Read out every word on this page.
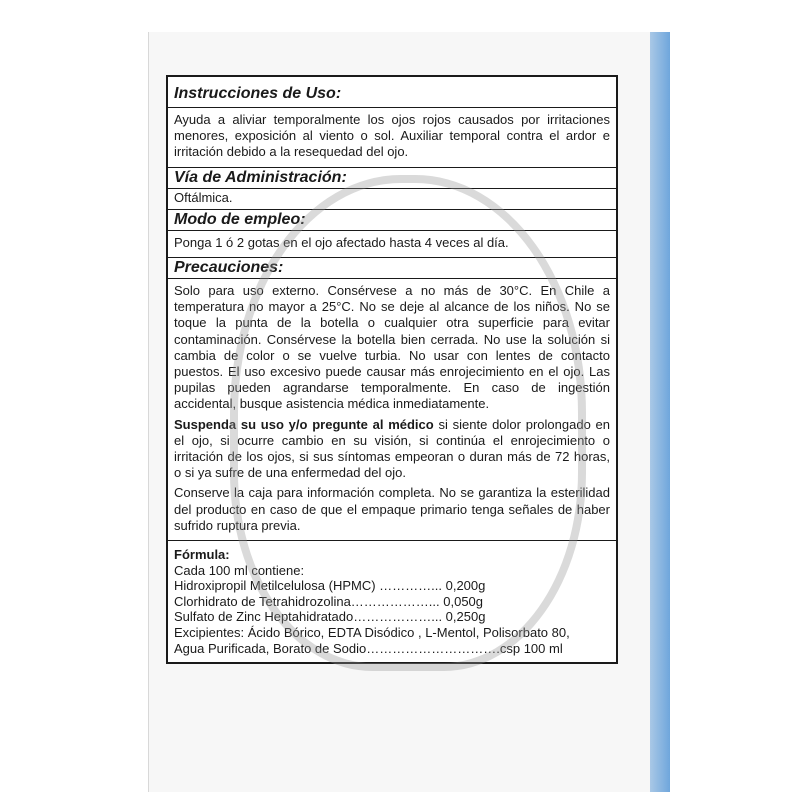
Instrucciones de Uso:

Ayuda a aliviar temporalmente los ojos rojos causados por irritaciones menores, exposición al viento o sol. Auxiliar temporal contra el ardor e irritación debido a la resequedad del ojo.

Vía de Administración:

Oftálmica.

Modo de empleo:

Ponga 1 ó 2 gotas en el ojo afectado hasta 4 veces al día.

Precauciones:

Solo para uso externo. Consérvese a no más de 30°C. En Chile a temperatura no mayor a 25°C. No se deje al alcance de los niños. No se toque la punta de la botella o cualquier otra superficie para evitar contaminación. Consérvese la botella bien cerrada. No use la solución si cambia de color o se vuelve turbia. No usar con lentes de contacto puestos. El uso excesivo puede causar más enrojecimiento en el ojo. Las pupilas pueden agrandarse temporalmente. En caso de ingestión accidental, busque asistencia médica inmediatamente.

Suspenda su uso y/o pregunte al médico si siente dolor prolongado en el ojo, si ocurre cambio en su visión, si continúa el enrojecimiento o irritación de los ojos, si sus síntomas empeoran o duran más de 72 horas, o si ya sufre de una enfermedad del ojo.

Conserve la caja para información completa. No se garantiza la esterilidad del producto en caso de que el empaque primario tenga señales de haber sufrido ruptura previa.

Fórmula:
Cada 100 ml contiene:
Hidroxipropil Metilcelulosa (HPMC) …………... 0,200g
Clorhidrato de Tetrahidrozolina………………... 0,050g
Sulfato de Zinc Heptahidratado………………... 0,250g
Excipientes: Ácido Bórico, EDTA Disódico , L-Mentol, Polisorbato 80,
Agua Purificada, Borato de Sodio………………………….csp 100 ml
